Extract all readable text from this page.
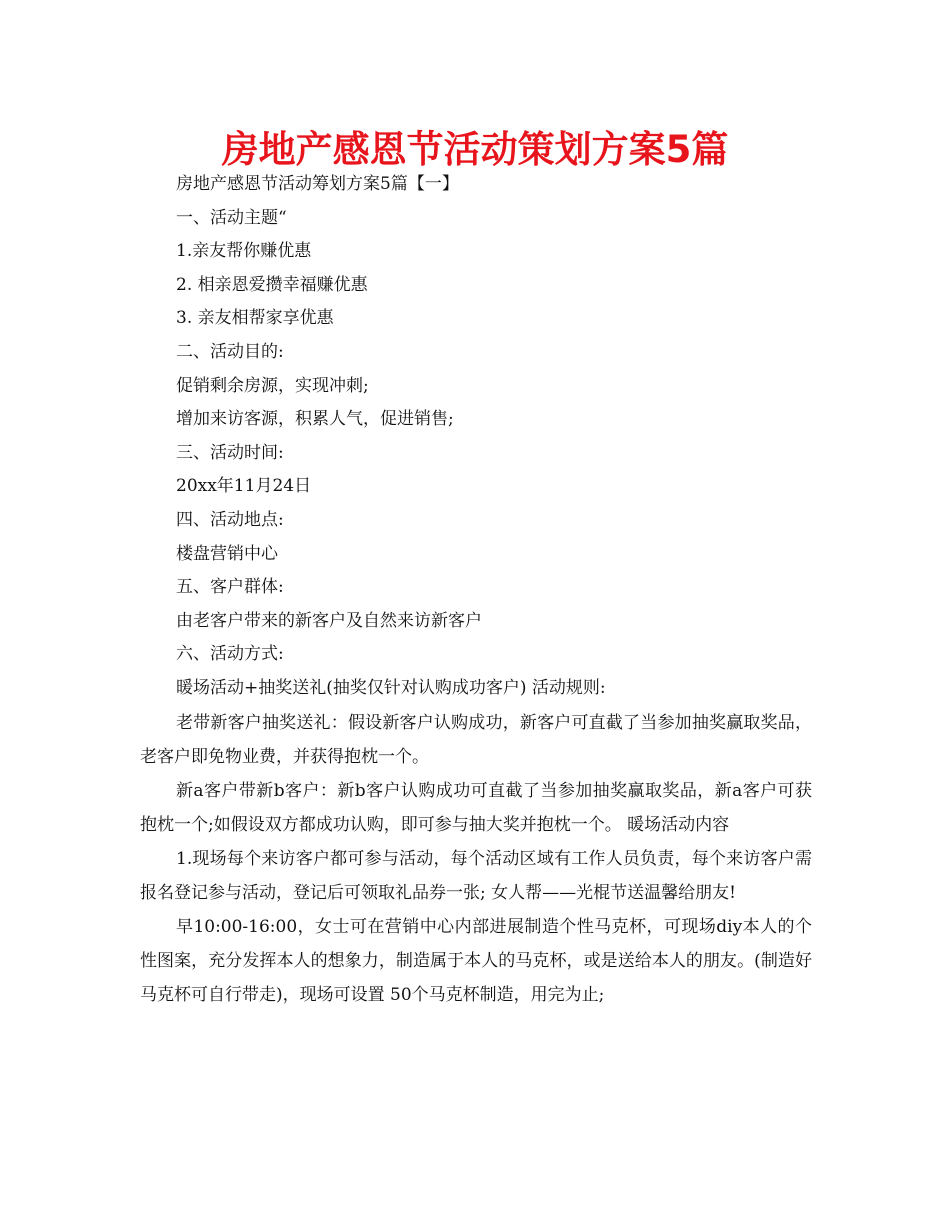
房地产感恩节活动策划方案5篇
房地产感恩节活动筹划方案5篇【一】
一、活动主题“
1.亲友帮你赚优惠
2. 相亲恩爱攒幸福赚优惠
3. 亲友相帮家享优惠
二、活动目的:
促销剩余房源，实现冲刺;
增加来访客源，积累人气，促进销售;
三、活动时间:
20xx年11月24日
四、活动地点:
楼盘营销中心
五、客户群体:
由老客户带来的新客户及自然来访新客户
六、活动方式:
暖场活动+抽奖送礼(抽奖仅针对认购成功客户) 活动规则:

老带新客户抽奖送礼：假设新客户认购成功，新客户可直截了当参加抽奖赢取奖品，老客户即免物业费，并获得抱枕一个。

新a客户带新b客户：新b客户认购成功可直截了当参加抽奖赢取奖品，新a客户可获抱枕一个;如假设双方都成功认购，即可参与抽大奖并抱枕一个。 暖场活动内容

1.现场每个来访客户都可参与活动，每个活动区域有工作人员负责，每个来访客户需报名登记参与活动，登记后可领取礼品券一张; 女人帮——光棍节送温馨给朋友!

早10:00-16:00，女士可在营销中心内部进展制造个性马克杯，可现场diy本人的个性图案，充分发挥本人的想象力，制造属于本人的马克杯，或是送给本人的朋友。(制造好马克杯可自行带走)，现场可设置 50个马克杯制造，用完为止;
